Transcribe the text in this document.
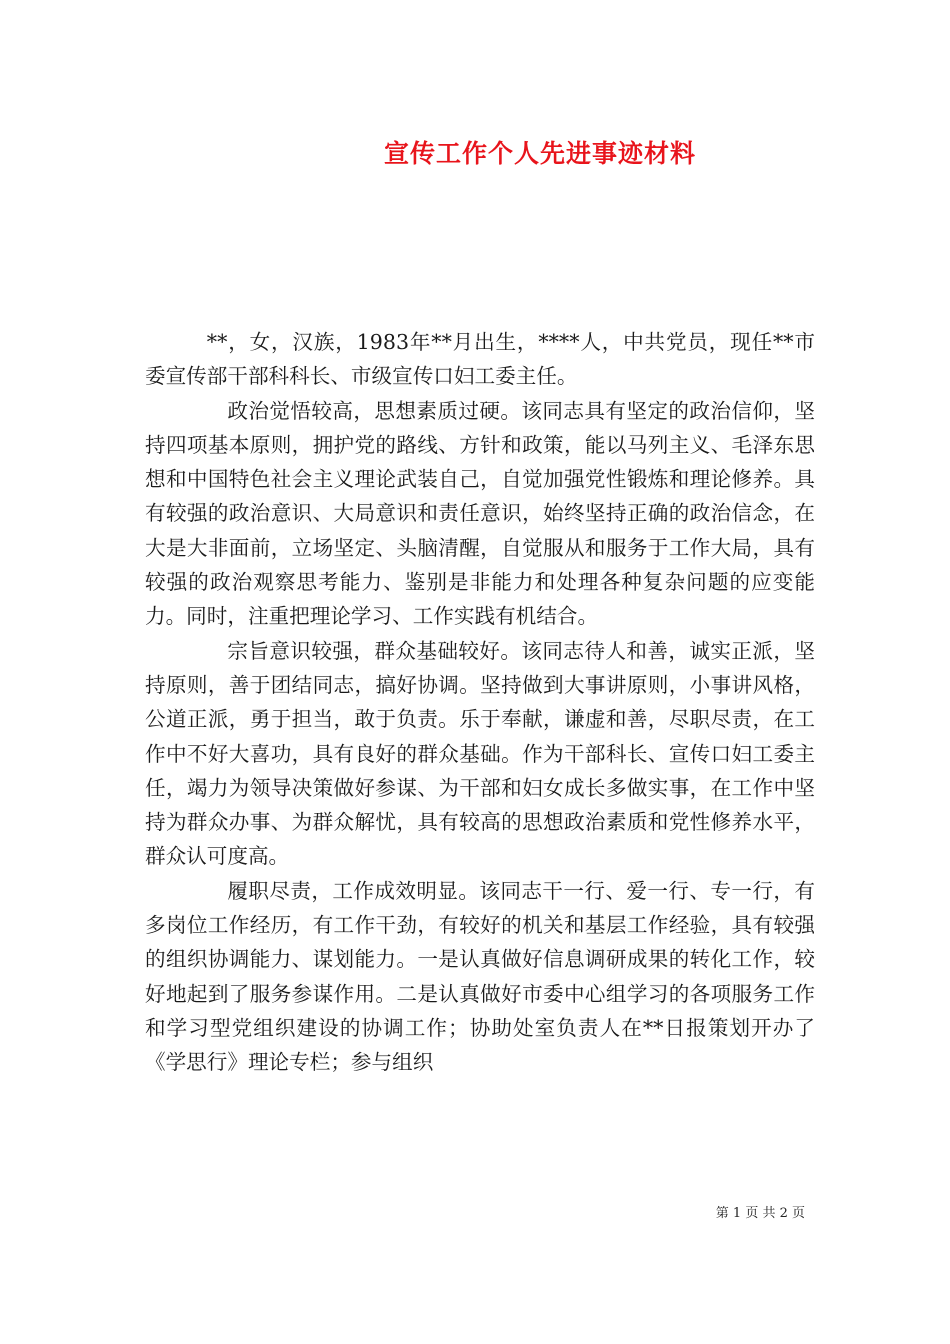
宣传工作个人先进事迹材料

**，女，汉族，1983年**月出生，****人，中共党员，现任**市委宣传部干部科科长、市级宣传口妇工委主任。

政治觉悟较高，思想素质过硬。该同志具有坚定的政治信仰，坚持四项基本原则，拥护党的路线、方针和政策，能以马列主义、毛泽东思想和中国特色社会主义理论武装自己，自觉加强党性锻炼和理论修养。具有较强的政治意识、大局意识和责任意识，始终坚持正确的政治信念，在大是大非面前，立场坚定、头脑清醒，自觉服从和服务于工作大局，具有较强的政治观察思考能力、鉴别是非能力和处理各种复杂问题的应变能力。同时，注重把理论学习、工作实践有机结合。

宗旨意识较强，群众基础较好。该同志待人和善，诚实正派，坚持原则，善于团结同志，搞好协调。坚持做到大事讲原则，小事讲风格，公道正派，勇于担当，敢于负责。乐于奉献，谦虚和善，尽职尽责，在工作中不好大喜功，具有良好的群众基础。作为干部科长、宣传口妇工委主任，竭力为领导决策做好参谋、为干部和妇女成长多做实事，在工作中坚持为群众办事、为群众解忧，具有较高的思想政治素质和党性修养水平，群众认可度高。

履职尽责，工作成效明显。该同志干一行、爱一行、专一行，有多岗位工作经历，有工作干劲，有较好的机关和基层工作经验，具有较强的组织协调能力、谋划能力。一是认真做好信息调研成果的转化工作，较好地起到了服务参谋作用。二是认真做好市委中心组学习的各项服务工作和学习型党组织建设的协调工作；协助处室负责人在**日报策划开办了《学思行》理论专栏；参与组织

第 1 页 共 2 页
